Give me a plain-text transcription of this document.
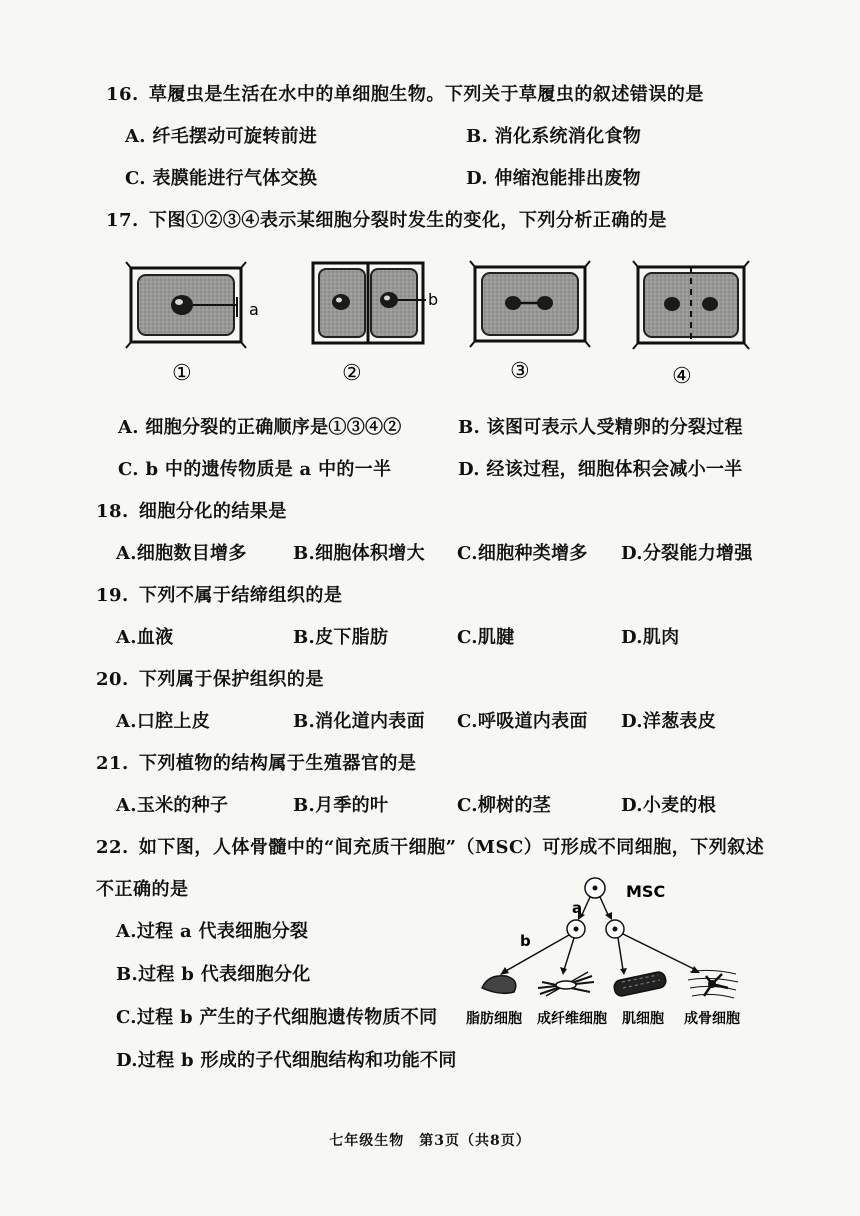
16. 草履虫是生活在水中的单细胞生物。下列关于草履虫的叙述错误的是
A. 纤毛摆动可旋转前进	B. 消化系统消化食物
C. 表膜能进行气体交换	D. 伸缩泡能排出废物
17. 下图①②③④表示某细胞分裂时发生的变化，下列分析正确的是
a
①
b
②	③	④
A. 细胞分裂的正确顺序是①③④②	B. 该图可表示人受精卵的分裂过程
C. b 中的遗传物质是 a 中的一半	D. 经该过程，细胞体积会减小一半
18. 细胞分化的结果是
A.细胞数目增多	B.细胞体积增大 C.细胞种类增多 D.分裂能力增强
19. 下列不属于结缔组织的是
A.血液	B.皮下脂肪	C.肌腱	D.肌肉
20. 下列属于保护组织的是
A.口腔上皮	B.消化道内表面 C.呼吸道内表面 D.洋葱表皮
21. 下列植物的结构属于生殖器官的是
A.玉米的种子	B.月季的叶	C.柳树的茎	D.小麦的根
22. 如下图，人体骨髓中的“间充质干细胞”（MSC）可形成不同细胞，下列叙述
不正确的是
A.过程 a 代表细胞分裂
B.过程 b 代表细胞分化
C.过程 b 产生的子代细胞遗传物质不同
D.过程 b 形成的子代细胞结构和功能不同
MSC
a
b
脂肪细胞 成纤维细胞 肌细胞 成骨细胞
七年级生物　第3页（共8页）
